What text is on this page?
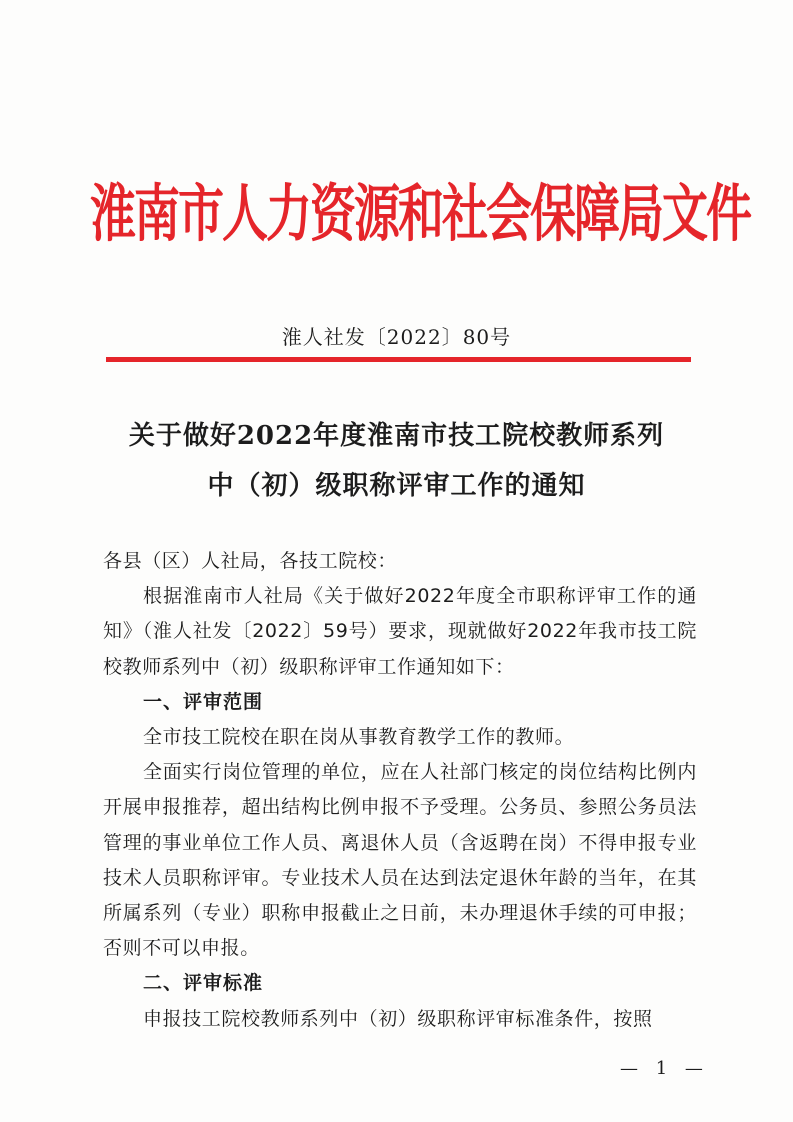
淮南市人力资源和社会保障局文件
淮人社发〔2022〕80号
关于做好2022年度淮南市技工院校教师系列
中（初）级职称评审工作的通知

各县（区）人社局，各技工院校：

根据淮南市人社局《关于做好2022年度全市职称评审工作的通知》（淮人社发〔2022〕59号）要求，现就做好2022年我市技工院校教师系列中（初）级职称评审工作通知如下：

一、评审范围

全市技工院校在职在岗从事教育教学工作的教师。

全面实行岗位管理的单位，应在人社部门核定的岗位结构比例内开展申报推荐，超出结构比例申报不予受理。公务员、参照公务员法管理的事业单位工作人员、离退休人员（含返聘在岗）不得申报专业技术人员职称评审。专业技术人员在达到法定退休年龄的当年，在其所属系列（专业）职称申报截止之日前，未办理退休手续的可申报；否则不可以申报。

二、评审标准

申报技工院校教师系列中（初）级职称评审标准条件，按照

— 1 —
